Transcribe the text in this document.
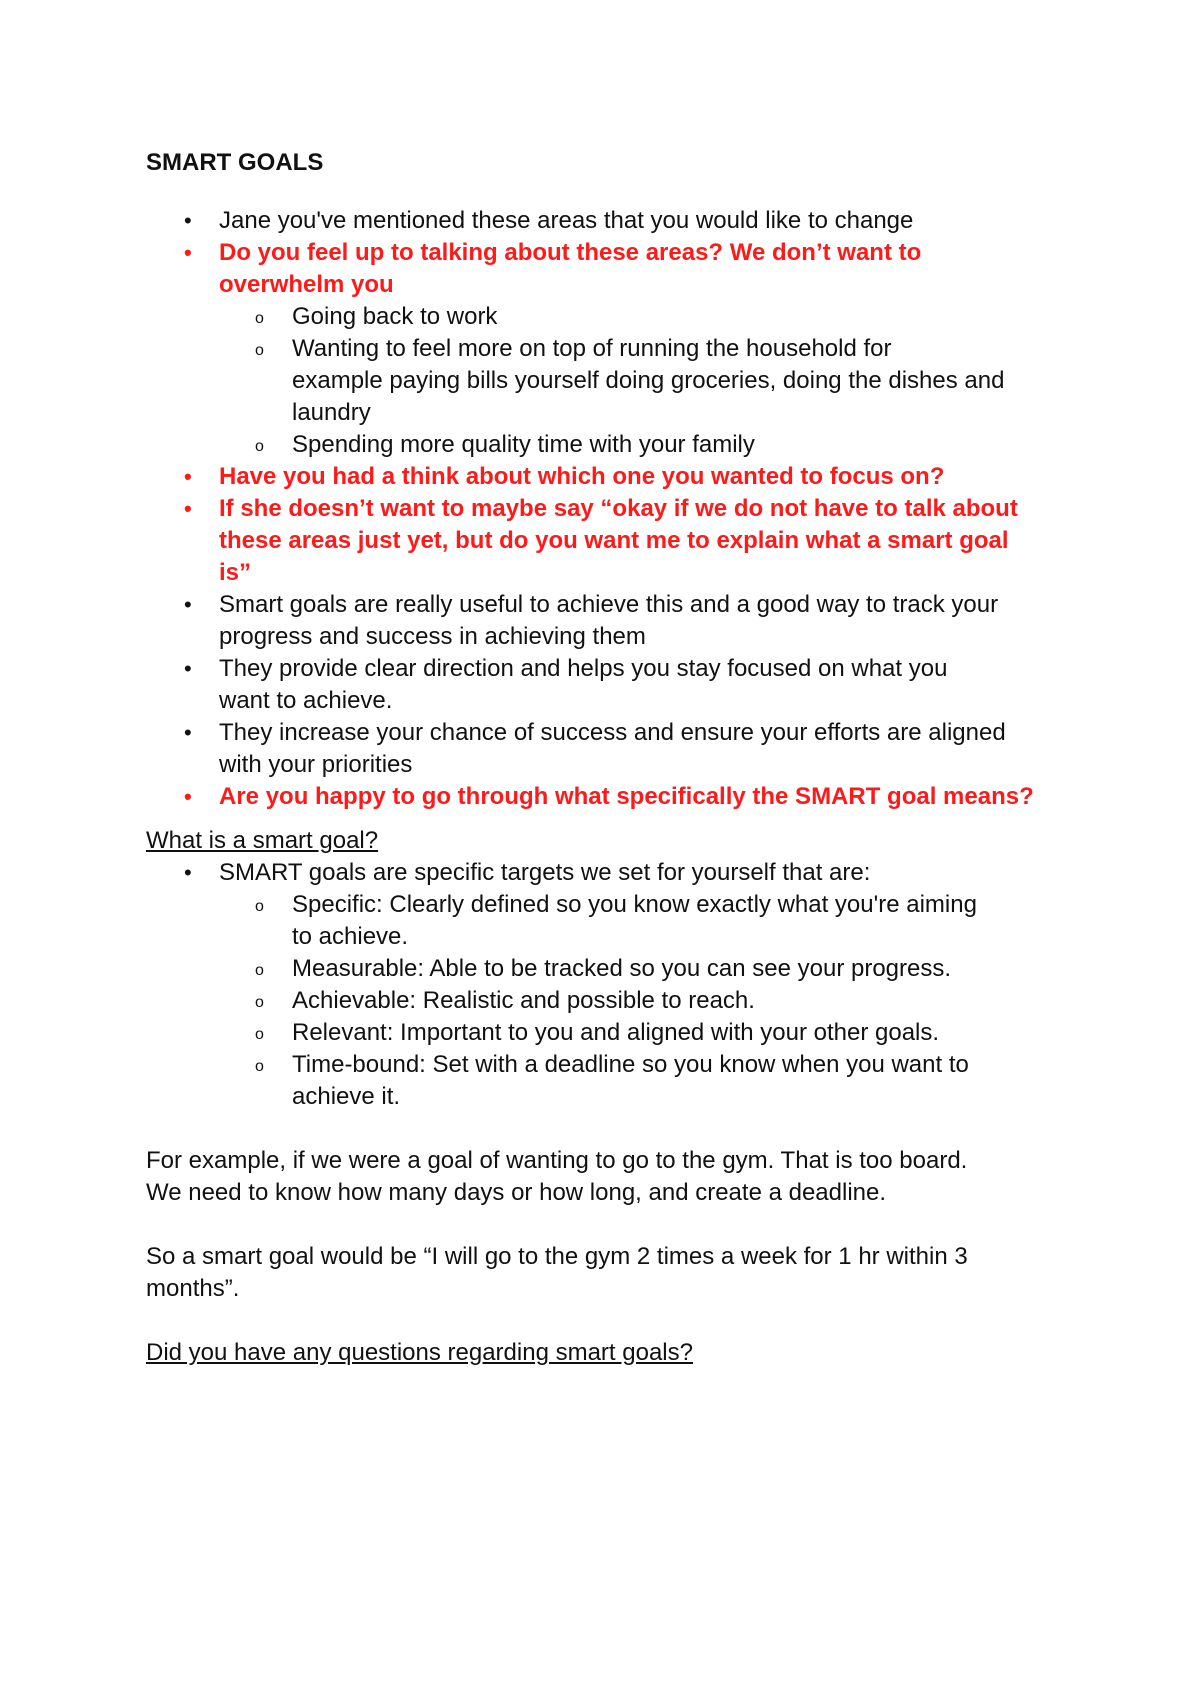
SMART GOALS
• Jane you've mentioned these areas that you would like to change
• Do you feel up to talking about these areas? We don’t want to
overwhelm you
o Going back to work
o Wanting to feel more on top of running the household for
example paying bills yourself doing groceries, doing the dishes and
laundry
o Spending more quality time with your family
• Have you had a think about which one you wanted to focus on?
• If she doesn’t want to maybe say “okay if we do not have to talk about
these areas just yet, but do you want me to explain what a smart goal
is”
• Smart goals are really useful to achieve this and a good way to track your
progress and success in achieving them
• They provide clear direction and helps you stay focused on what you
want to achieve.
• They increase your chance of success and ensure your efforts are aligned
with your priorities
• Are you happy to go through what specifically the SMART goal means?
What is a smart goal?
• SMART goals are specific targets we set for yourself that are:
o Specific: Clearly defined so you know exactly what you're aiming
to achieve.
o Measurable: Able to be tracked so you can see your progress.
o Achievable: Realistic and possible to reach.
o Relevant: Important to you and aligned with your other goals.
o Time-bound: Set with a deadline so you know when you want to
achieve it.
For example, if we were a goal of wanting to go to the gym. That is too board.
We need to know how many days or how long, and create a deadline.
So a smart goal would be “I will go to the gym 2 times a week for 1 hr within 3
months”.
Did you have any questions regarding smart goals?
